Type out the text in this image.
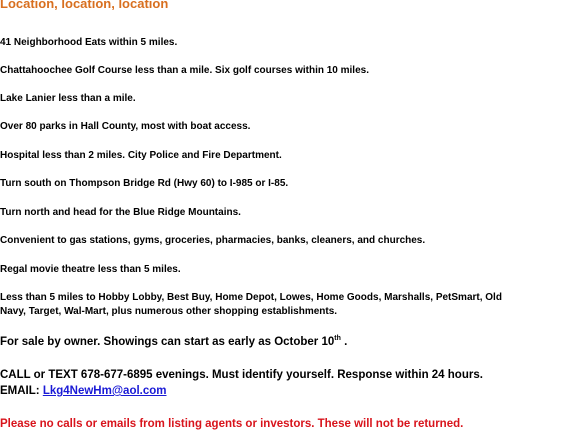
Location, location, location
41 Neighborhood Eats within 5 miles.
Chattahoochee Golf Course less than a mile. Six golf courses within 10 miles.
Lake Lanier less than a mile.
Over 80 parks in Hall County, most with boat access.
Hospital less than 2 miles. City Police and Fire Department.
Turn south on Thompson Bridge Rd (Hwy 60) to I-985 or I-85.
Turn north and head for the Blue Ridge Mountains.
Convenient to gas stations, gyms, groceries, pharmacies, banks, cleaners, and churches.
Regal movie theatre less than 5 miles.
Less than 5 miles to Hobby Lobby, Best Buy, Home Depot, Lowes, Home Goods, Marshalls, PetSmart, Old
Navy, Target, Wal-Mart, plus numerous other shopping establishments.
For sale by owner. Showings can start as early as October 10th .
CALL or TEXT 678-677-6895 evenings. Must identify yourself. Response within 24 hours.
EMAIL: Lkg4NewHm@aol.com
Please no calls or emails from listing agents or investors. These will not be returned.
